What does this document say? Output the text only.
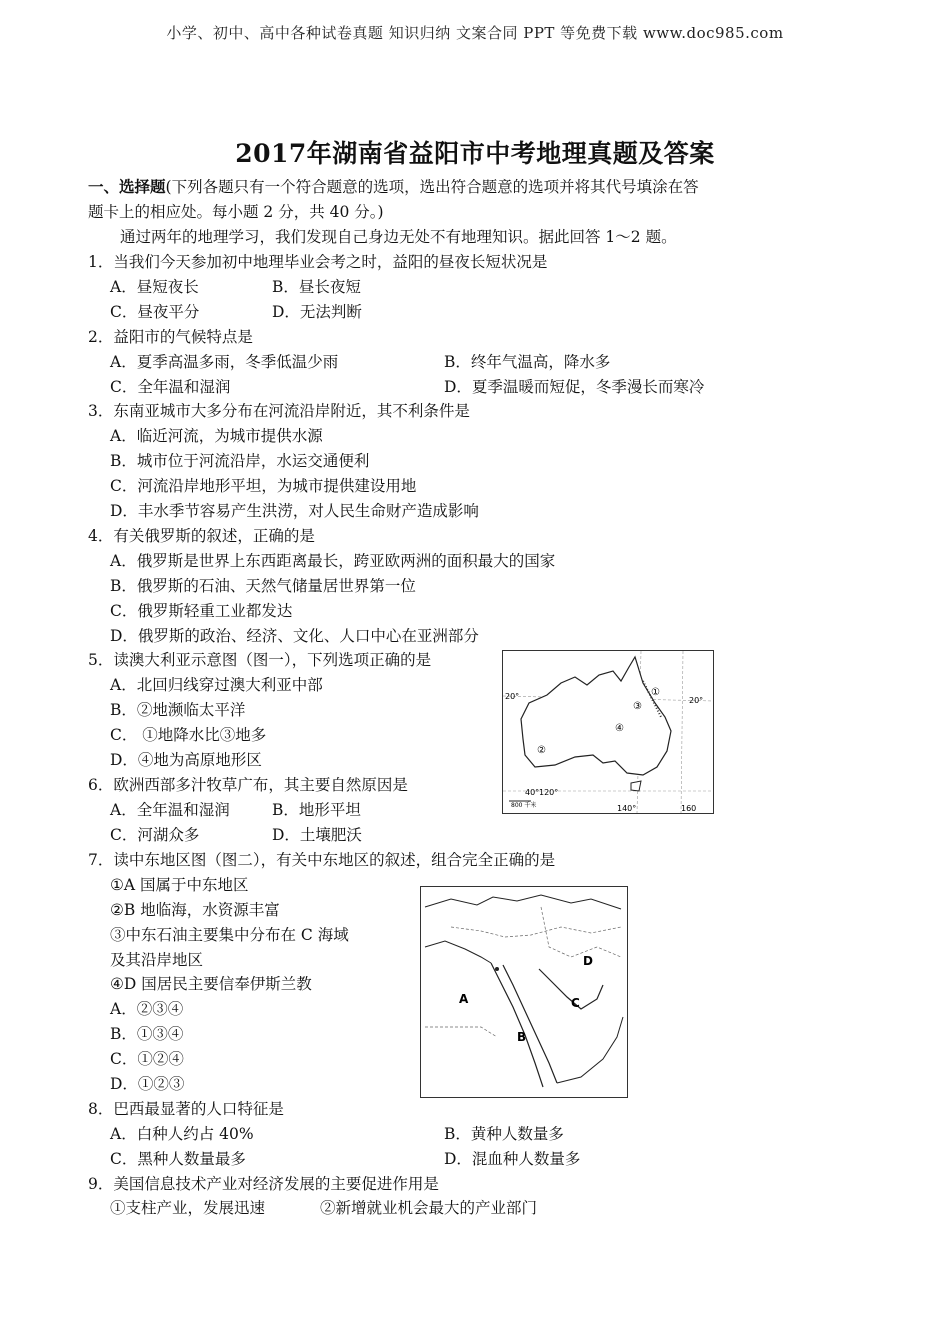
小学、初中、高中各种试卷真题 知识归纳 文案合同 PPT 等免费下载 www.doc985.com
2017年湖南省益阳市中考地理真题及答案
一、选择题(下列各题只有一个符合题意的选项，选出符合题意的选项并将其代号填涂在答
题卡上的相应处。每小题 2 分，共 40 分。)
通过两年的地理学习，我们发现自己身边无处不有地理知识。据此回答 1～2 题。
1．当我们今天参加初中地理毕业会考之时，益阳的昼夜长短状况是
A．昼短夜长	B．昼长夜短
C．昼夜平分	D．无法判断
2．益阳市的气候特点是
A．夏季高温多雨，冬季低温少雨	B．终年气温高，降水多
C．全年温和湿润	D．夏季温暖而短促，冬季漫长而寒冷
3．东南亚城市大多分布在河流沿岸附近，其不利条件是
A．临近河流，为城市提供水源
B．城市位于河流沿岸，水运交通便利
C．河流沿岸地形平坦，为城市提供建设用地
D．丰水季节容易产生洪涝，对人民生命财产造成影响
4．有关俄罗斯的叙述，正确的是
A．俄罗斯是世界上东西距离最长，跨亚欧两洲的面积最大的国家
B．俄罗斯的石油、天然气储量居世界第一位
C．俄罗斯轻重工业都发达
D．俄罗斯的政治、经济、文化、人口中心在亚洲部分
5．读澳大利亚示意图（图一），下列选项正确的是
A．北回归线穿过澳大利亚中部
B．②地濒临太平洋
C． ①地降水比③地多
D．④地为高原地形区
20°	20°
40° 120°
140°	160
①
③
④
②
800 千米
6．欧洲西部多汁牧草广布，其主要自然原因是
A．全年温和湿润	B．地形平坦
C．河湖众多	D．土壤肥沃
7．读中东地区图（图二），有关中东地区的叙述，组合完全正确的是
①A 国属于中东地区
②B 地临海，水资源丰富
③中东石油主要集中分布在 C 海域
及其沿岸地区
④D 国居民主要信奉伊斯兰教
A．②③④
B．①③④
C．①②④
D．①②③
A
B
C
D
8．巴西最显著的人口特征是
A．白种人约占 40%	B．黄种人数量多
C．黑种人数量最多	D．混血种人数量多
9．美国信息技术产业对经济发展的主要促进作用是
①支柱产业，发展迅速	②新增就业机会最大的产业部门
